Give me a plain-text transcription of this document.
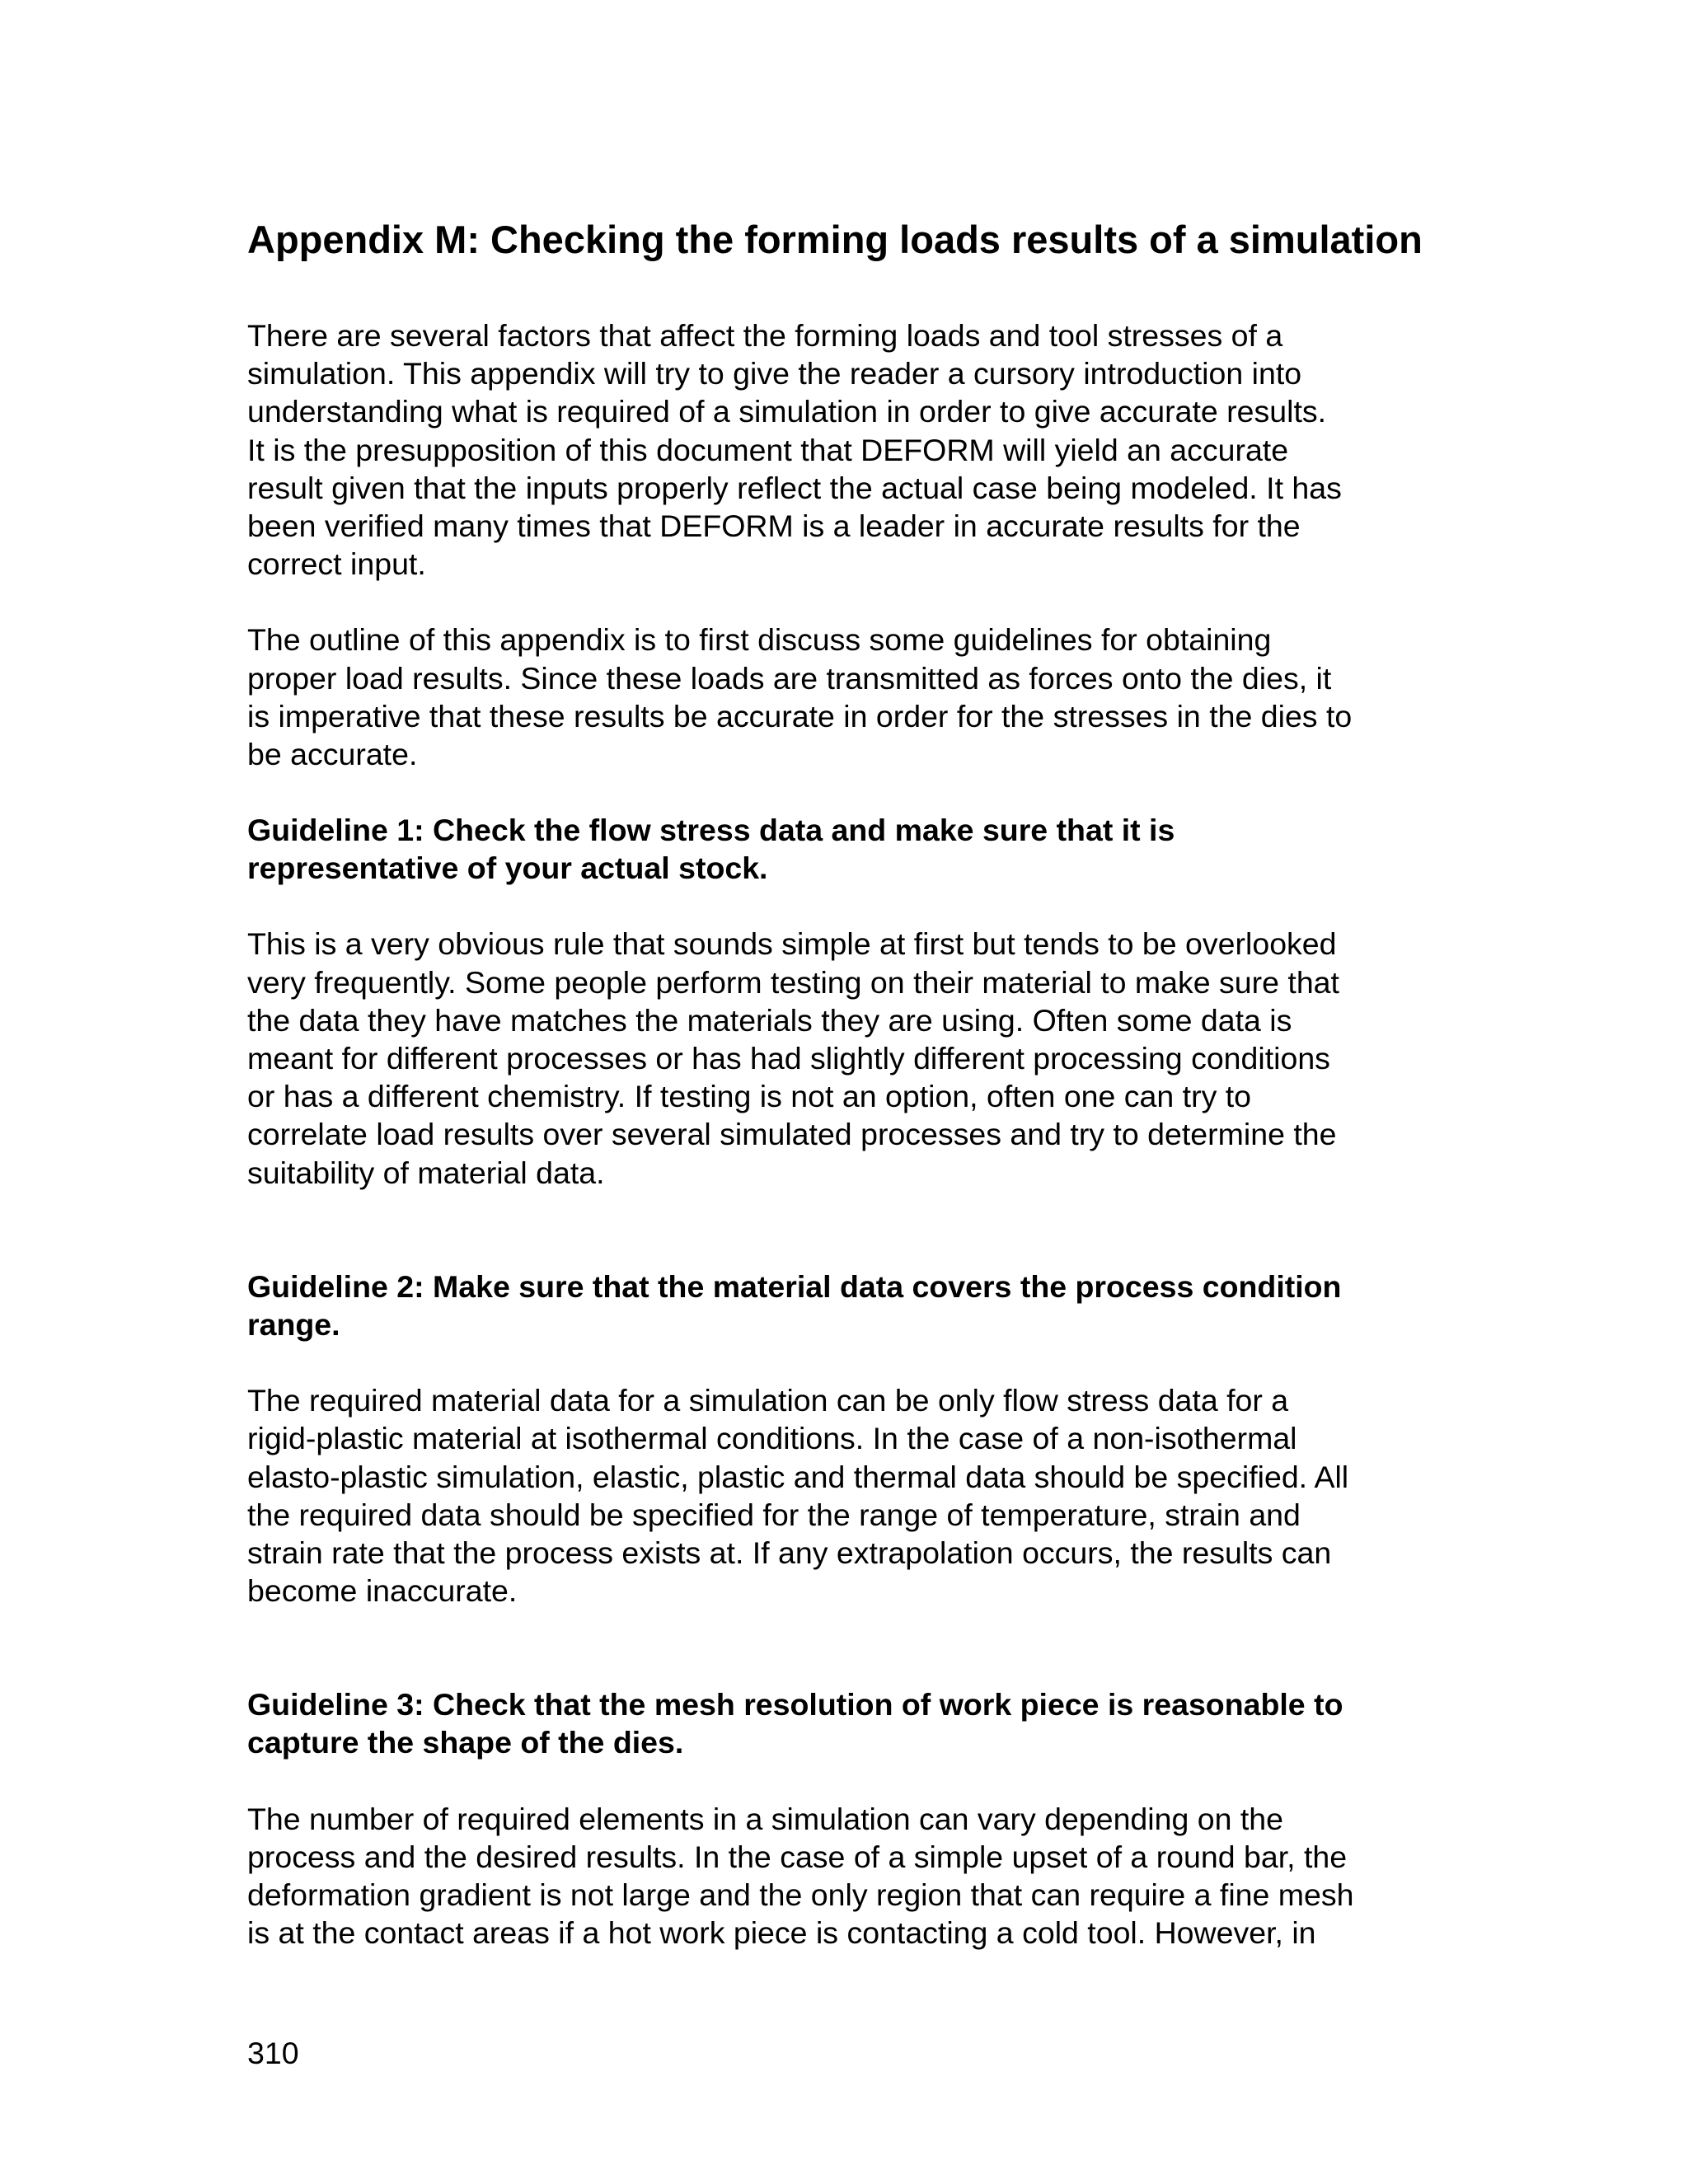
Appendix M: Checking the forming loads results of a simulation

There are several factors that affect the forming loads and tool stresses of a
simulation. This appendix will try to give the reader a cursory introduction into
understanding what is required of a simulation in order to give accurate results.
It is the presupposition of this document that DEFORM will yield an accurate
result given that the inputs properly reflect the actual case being modeled. It has
been verified many times that DEFORM is a leader in accurate results for the
correct input.

The outline of this appendix is to first discuss some guidelines for obtaining
proper load results. Since these loads are transmitted as forces onto the dies, it
is imperative that these results be accurate in order for the stresses in the dies to
be accurate.

Guideline 1: Check the flow stress data and make sure that it is
representative of your actual stock.

This is a very obvious rule that sounds simple at first but tends to be overlooked
very frequently. Some people perform testing on their material to make sure that
the data they have matches the materials they are using. Often some data is
meant for different processes or has had slightly different processing conditions
or has a different chemistry. If testing is not an option, often one can try to
correlate load results over several simulated processes and try to determine the
suitability of material data.

Guideline 2: Make sure that the material data covers the process condition
range.

The required material data for a simulation can be only flow stress data for a
rigid-plastic material at isothermal conditions. In the case of a non-isothermal
elasto-plastic simulation, elastic, plastic and thermal data should be specified. All
the required data should be specified for the range of temperature, strain and
strain rate that the process exists at. If any extrapolation occurs, the results can
become inaccurate.

Guideline 3: Check that the mesh resolution of work piece is reasonable to
capture the shape of the dies.

The number of required elements in a simulation can vary depending on the
process and the desired results. In the case of a simple upset of a round bar, the
deformation gradient is not large and the only region that can require a fine mesh
is at the contact areas if a hot work piece is contacting a cold tool. However, in

310
